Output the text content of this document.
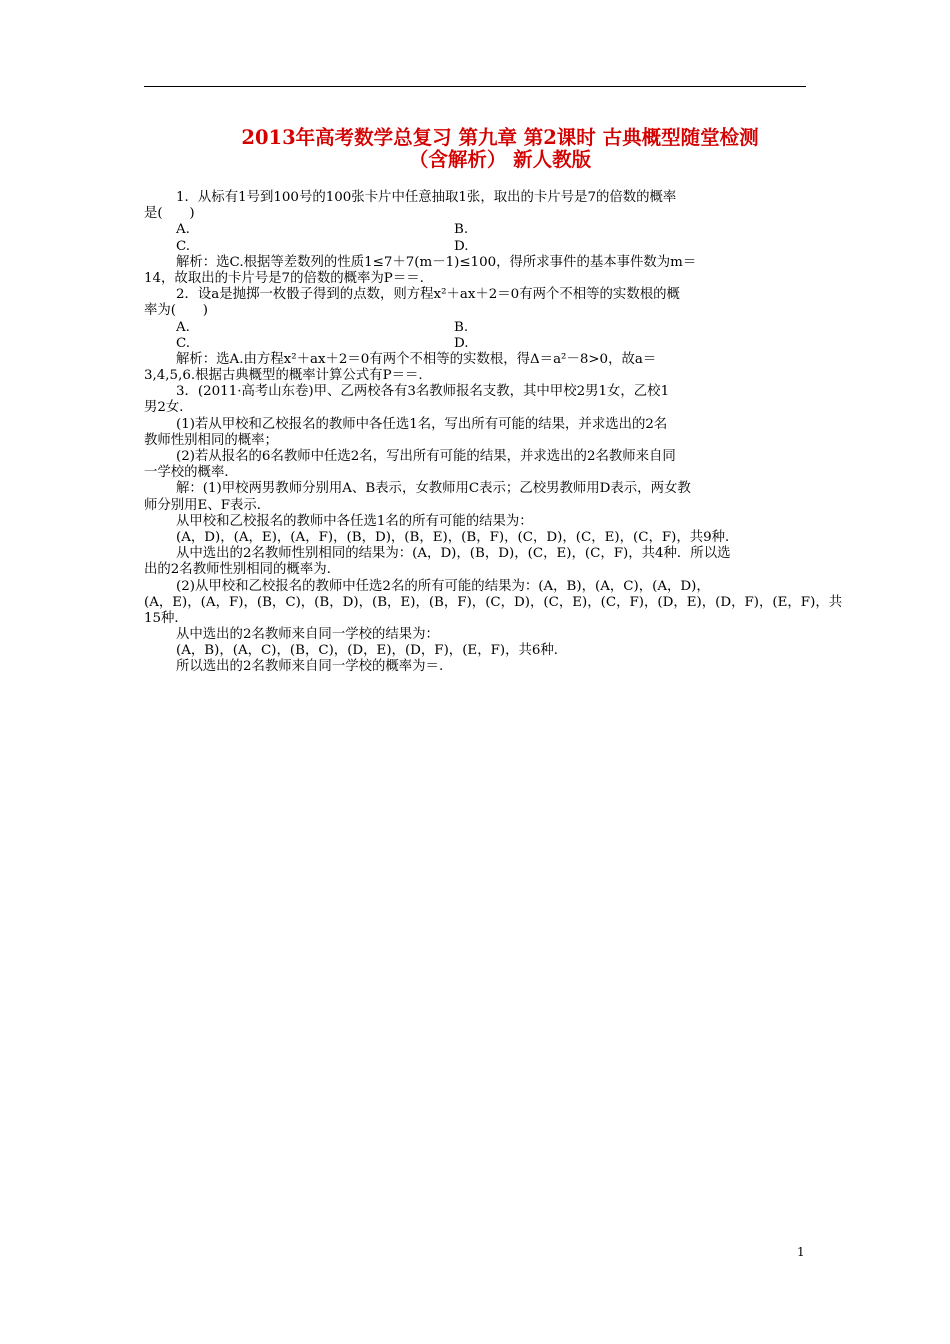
2013年高考数学总复习 第九章 第2课时 古典概型随堂检测
（含解析） 新人教版
1．从标有1号到100号的100张卡片中任意抽取1张，取出的卡片号是7的倍数的概率
是(　　)
A.	B.
C.	D.
解析：选C.根据等差数列的性质1≤7＋7(m－1)≤100，得所求事件的基本事件数为m＝
14，故取出的卡片号是7的倍数的概率为P＝＝.
2．设a是抛掷一枚骰子得到的点数，则方程x²＋ax＋2＝0有两个不相等的实数根的概
率为(　　)
A.	B.
C.	D.
解析：选A.由方程x²＋ax＋2＝0有两个不相等的实数根，得Δ＝a²－8>0，故a＝
3,4,5,6.根据古典概型的概率计算公式有P＝＝.
3．(2011·高考山东卷)甲、乙两校各有3名教师报名支教，其中甲校2男1女，乙校1
男2女．
(1)若从甲校和乙校报名的教师中各任选1名，写出所有可能的结果，并求选出的2名
教师性别相同的概率；
(2)若从报名的6名教师中任选2名，写出所有可能的结果，并求选出的2名教师来自同
一学校的概率．
解：(1)甲校两男教师分别用A、B表示，女教师用C表示；乙校男教师用D表示，两女教
师分别用E、F表示．
从甲校和乙校报名的教师中各任选1名的所有可能的结果为：
(A，D)，(A，E)，(A，F)，(B，D)，(B，E)，(B，F)，(C，D)，(C，E)，(C，F)，共9种．
从中选出的2名教师性别相同的结果为：(A，D)，(B，D)，(C，E)，(C，F)，共4种．所以选
出的2名教师性别相同的概率为.
(2)从甲校和乙校报名的教师中任选2名的所有可能的结果为：(A，B)，(A，C)，(A，D)，
(A，E)，(A，F)，(B，C)，(B，D)，(B，E)，(B，F)，(C，D)，(C，E)，(C，F)，(D，E)，(D，F)，(E，F)，共
15种．
从中选出的2名教师来自同一学校的结果为：
(A，B)，(A，C)，(B，C)，(D，E)，(D，F)，(E，F)，共6种．
所以选出的2名教师来自同一学校的概率为＝.
1
